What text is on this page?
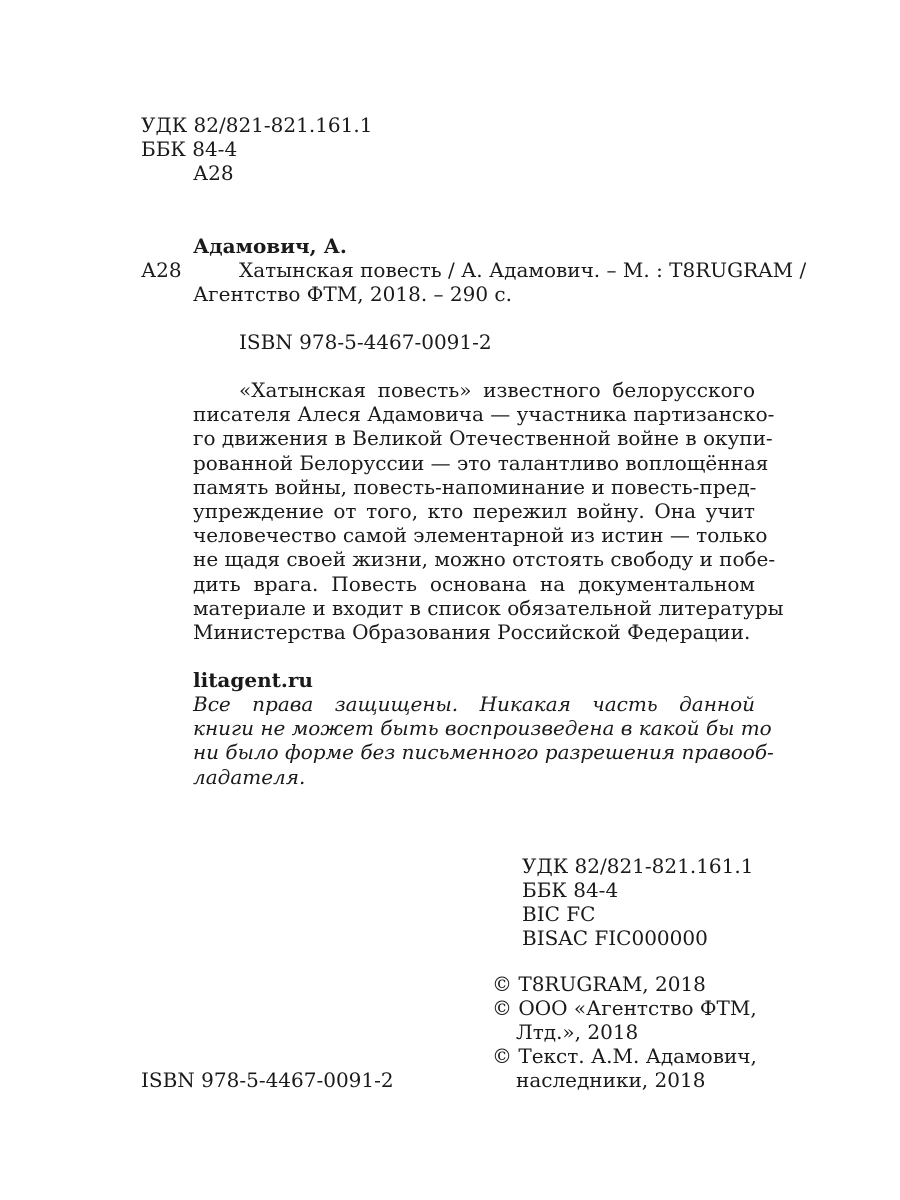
УДК 82/821-821.161.1
ББК 84-4
А28
Адамович, А.
А28	Хатынская повесть / А. Адамович. – М. : T8RUGRAM /
Агентство ФТМ, 2018. – 290 с.
ISBN 978-5-4467-0091-2
«Хатынская повесть» известного белорусского
писателя Алеся Адамовича — участника партизанско-
го движения в Великой Отечественной войне в окупи-
рованной Белоруссии — это талантливо воплощённая
память войны, повесть-напоминание и повесть-пред-
упреждение от того, кто пережил войну. Она учит
человечество самой элементарной из истин — только
не щадя своей жизни, можно отстоять свободу и побе-
дить врага. Повесть основана на документальном
материале и входит в список обязательной литературы
Министерства Образования Российской Федерации.
litagent.ru
Все права защищены. Никакая часть данной
книги не может быть воспроизведена в какой бы то
ни было форме без письменного разрешения правооб-
ладателя.
УДК 82/821-821.161.1
ББК 84-4
BIC FC
BISAC FIC000000
© T8RUGRAM, 2018
© ООО «Агентство ФТМ,
Лтд.», 2018
© Текст. А.М. Адамович,
наследники, 2018
ISBN 978-5-4467-0091-2
